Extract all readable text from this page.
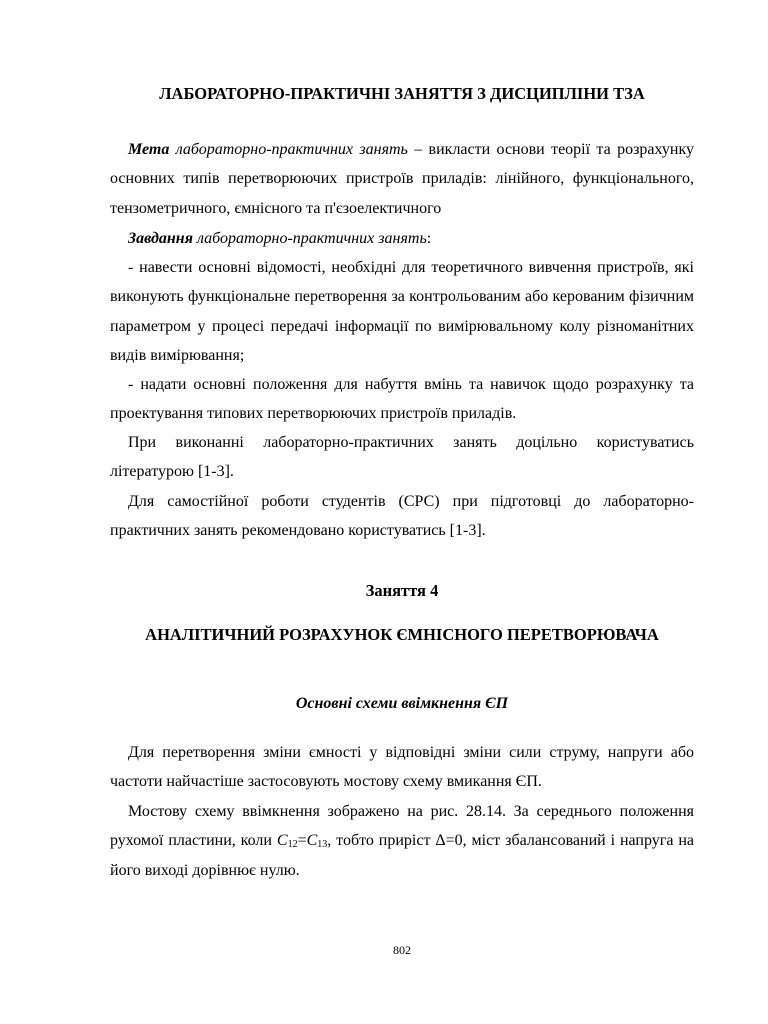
ЛАБОРАТОРНО-ПРАКТИЧНІ ЗАНЯТТЯ З ДИСЦИПЛІНИ ТЗА

Мета лабораторно-практичних занять – викласти основи теорії та розрахунку основних типів перетворюючих пристроїв приладів: лінійного, функціонального, тензометричного, ємнісного та п'єзоелектичного

Завдання лабораторно-практичних занять:

- навести основні відомості, необхідні для теоретичного вивчення пристроїв, які виконують функціональне перетворення за контрольованим або керованим фізичним параметром у процесі передачі інформації по вимірювальному колу різноманітних видів вимірювання;

- надати основні положення для набуття вмінь та навичок щодо розрахунку та проектування типових перетворюючих пристроїв приладів.

При виконанні лабораторно-практичних занять доцільно користуватись літературою [1-3].

Для самостійної роботи студентів (СРС) при підготовці до лабораторно-практичних занять рекомендовано користуватись [1-3].

Заняття 4

АНАЛІТИЧНИЙ РОЗРАХУНОК ЄМНІСНОГО ПЕРЕТВОРЮВАЧА

Основні схеми ввімкнення ЄП

Для перетворення зміни ємності у відповідні зміни сили струму, напруги або частоти найчастіше застосовують мостову схему вмикання ЄП.

Мостову схему ввімкнення зображено на рис. 28.14. За середнього положення рухомої пластини, коли $C_{12}=C_{13}$, тобто приріст Δ=0, міст збалансований і напруга на його виході дорівнює нулю.

802
